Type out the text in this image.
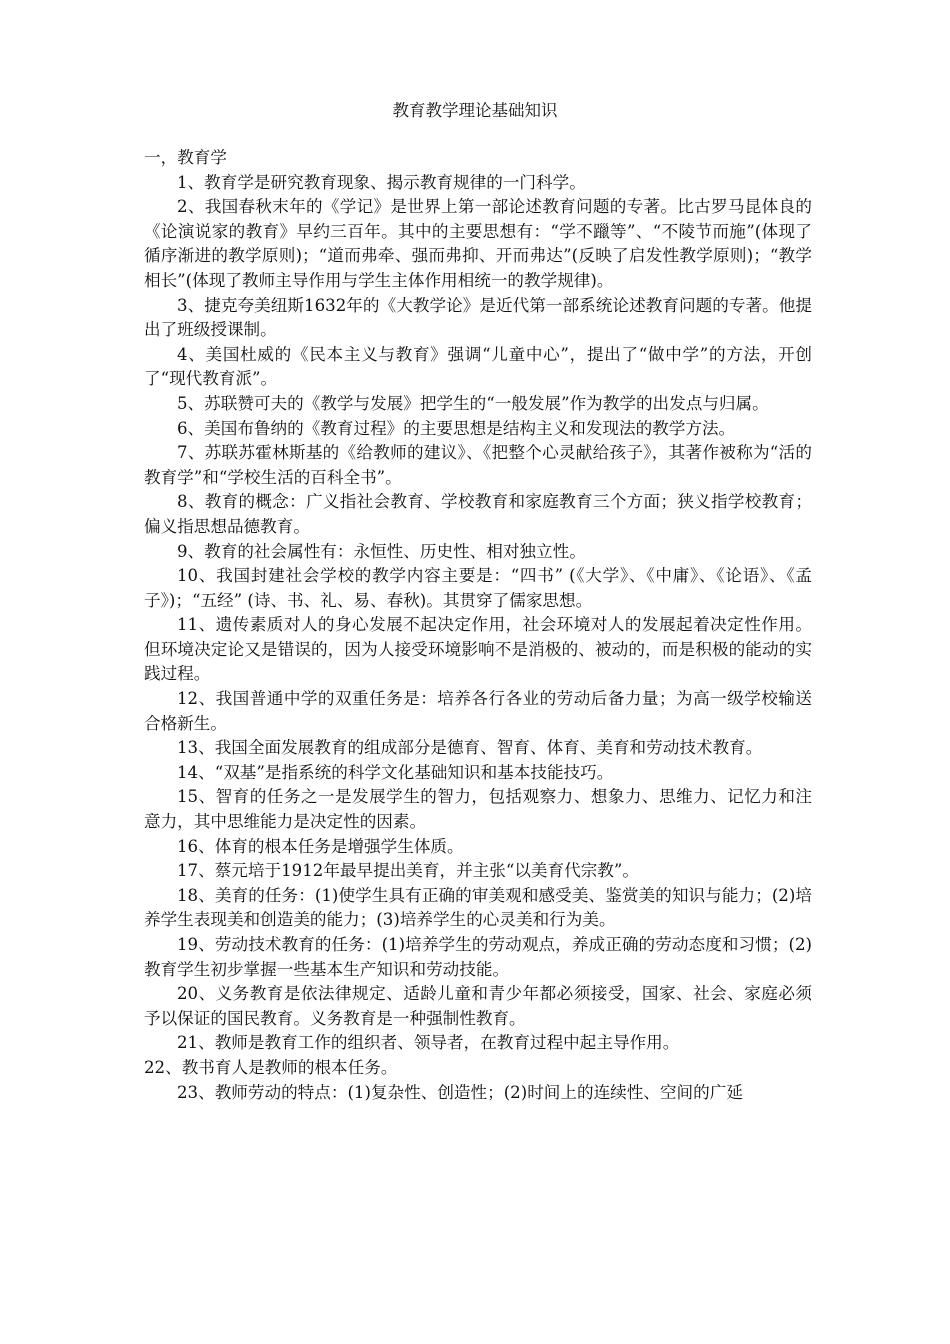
教育教学理论基础知识

一，教育学

1、教育学是研究教育现象、揭示教育规律的一门科学。

2、我国春秋末年的《学记》是世界上第一部论述教育问题的专著。比古罗马昆体良的《论演说家的教育》早约三百年。其中的主要思想有：“学不躐等”、“不陵节而施”(体现了循序渐进的教学原则)；“道而弗牵、强而弗抑、开而弗达”(反映了启发性教学原则)；“教学相长”(体现了教师主导作用与学生主体作用相统一的教学规律)。

3、捷克夸美纽斯1632年的《大教学论》是近代第一部系统论述教育问题的专著。他提出了班级授课制。

4、美国杜威的《民本主义与教育》强调“儿童中心”，提出了“做中学”的方法，开创了“现代教育派”。

5、苏联赞可夫的《教学与发展》把学生的“一般发展”作为教学的出发点与归属。

6、美国布鲁纳的《教育过程》的主要思想是结构主义和发现法的教学方法。

7、苏联苏霍林斯基的《给教师的建议》、《把整个心灵献给孩子》，其著作被称为“活的教育学”和“学校生活的百科全书”。

8、教育的概念：广义指社会教育、学校教育和家庭教育三个方面；狭义指学校教育；偏义指思想品德教育。

9、教育的社会属性有：永恒性、历史性、相对独立性。

10、我国封建社会学校的教学内容主要是：“四书” (《大学》、《中庸》、《论语》、《孟子》)；“五经” (诗、书、礼、易、春秋)。其贯穿了儒家思想。

11、遗传素质对人的身心发展不起决定作用，社会环境对人的发展起着决定性作用。但环境决定论又是错误的，因为人接受环境影响不是消极的、被动的，而是积极的能动的实践过程。

12、我国普通中学的双重任务是：培养各行各业的劳动后备力量；为高一级学校输送合格新生。

13、我国全面发展教育的组成部分是德育、智育、体育、美育和劳动技术教育。

14、“双基”是指系统的科学文化基础知识和基本技能技巧。

15、智育的任务之一是发展学生的智力，包括观察力、想象力、思维力、记忆力和注意力，其中思维能力是决定性的因素。

16、体育的根本任务是增强学生体质。

17、蔡元培于1912年最早提出美育，并主张“以美育代宗教”。

18、美育的任务：(1)使学生具有正确的审美观和感受美、鉴赏美的知识与能力；(2)培养学生表现美和创造美的能力；(3)培养学生的心灵美和行为美。

19、劳动技术教育的任务：(1)培养学生的劳动观点，养成正确的劳动态度和习惯；(2)教育学生初步掌握一些基本生产知识和劳动技能。

20、义务教育是依法律规定、适龄儿童和青少年都必须接受，国家、社会、家庭必须予以保证的国民教育。义务教育是一种强制性教育。

21、教师是教育工作的组织者、领导者，在教育过程中起主导作用。

22、教书育人是教师的根本任务。

23、教师劳动的特点：(1)复杂性、创造性；(2)时间上的连续性、空间的广延
